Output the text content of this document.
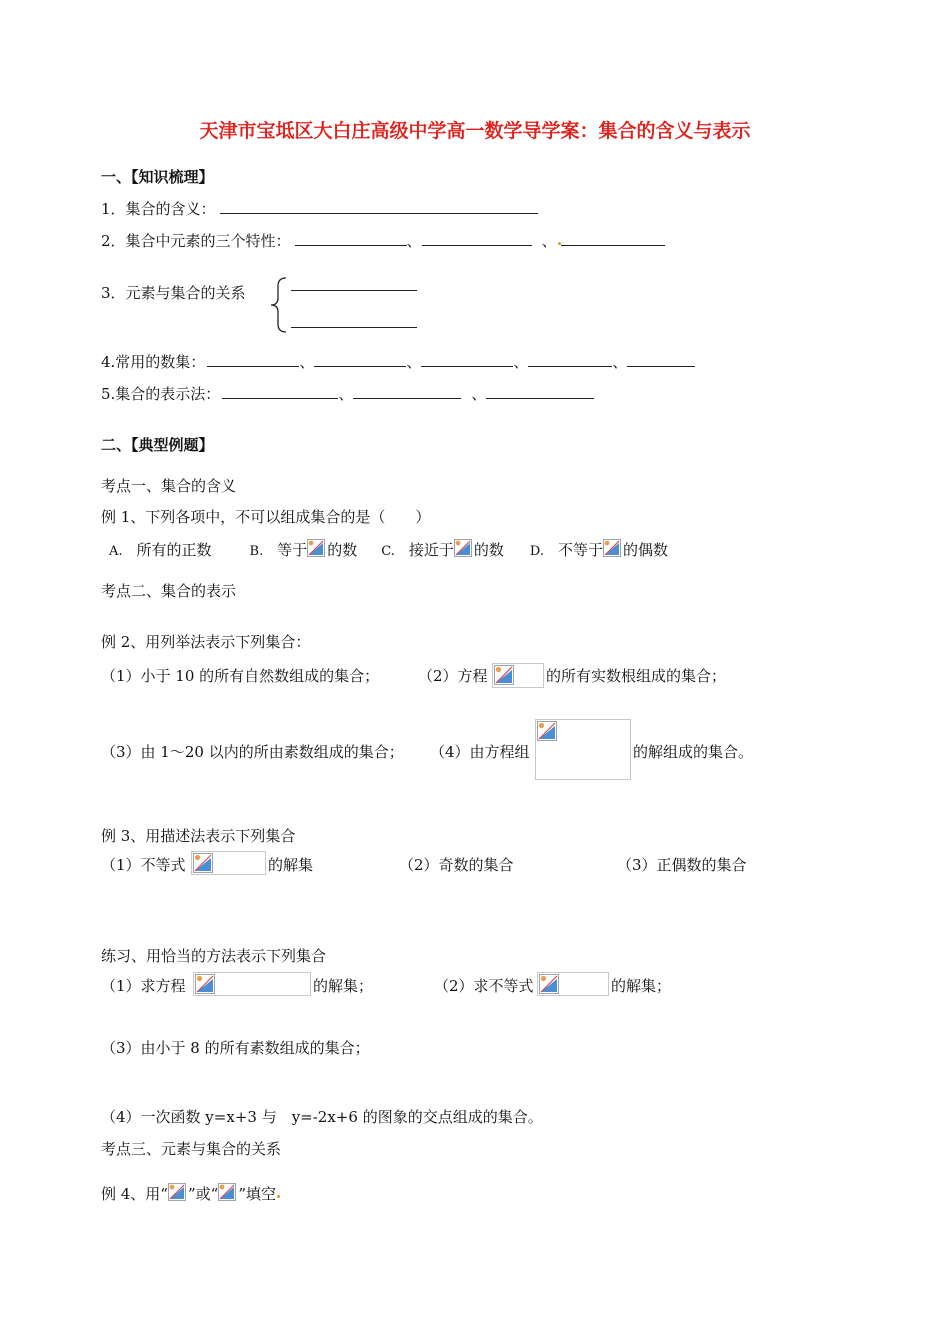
天津市宝坻区大白庄高级中学高一数学导学案：集合的含义与表示
一、【知识梳理】
1．集合的含义：
2．集合中元素的三个特性：	、	、
3．元素与集合的关系
4.常用的数集：	、	、	、	、
5.集合的表示法：	、	、
二、【典型例题】
考点一、集合的含义
例 1、下列各项中，不可以组成集合的是（　　）
A. 所有的正数	B. 等于 的数 C. 接近于 的数 D. 不等于 的偶数
考点二、集合的表示
例 2、用列举法表示下列集合：
（1）小于 10 的所有自然数组成的集合；	（2）方程	的所有实数根组成的集合；
（3）由 1～20 以内的所由素数组成的集合； （4）由方程组	的解组成的集合。
例 3、用描述法表示下列集合
（1）不等式	的解集	（2）奇数的集合	（3）正偶数的集合
练习、用恰当的方法表示下列集合
（1）求方程	的解集；	（2）求不等式	的解集；
（3）由小于 8 的所有素数组成的集合；
（4）一次函数 y=x+3 与　y=-2x+6 的图象的交点组成的集合。
考点三、元素与集合的关系
例 4、用“ ”或“ ”填空
